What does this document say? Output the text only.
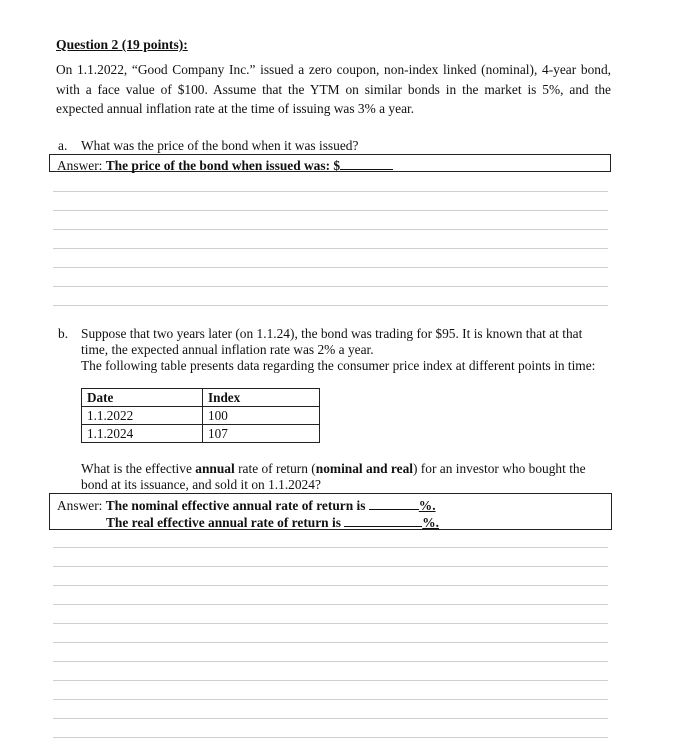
Question 2 (19 points):
On 1.1.2022, “Good Company Inc.” issued a zero coupon, non-index linked (nominal), 4-year bond, with a face value of $100. Assume that the YTM on similar bonds in the market is 5%, and the expected annual inflation rate at the time of issuing was 3% a year.
a. What was the price of the bond when it was issued?
Answer: The price of the bond when issued was: $
b. Suppose that two years later (on 1.1.24), the bond was trading for $95. It is known that at that time, the expected annual inflation rate was 2% a year.
The following table presents data regarding the consumer price index at different points in time:
Date	Index
1.1.2022	100
1.1.2024	107
What is the effective annual rate of return (nominal and real) for an investor who bought the bond at its issuance, and sold it on 1.1.2024?
Answer: The nominal effective annual rate of return is	%.
The real effective annual rate of return is	%.
